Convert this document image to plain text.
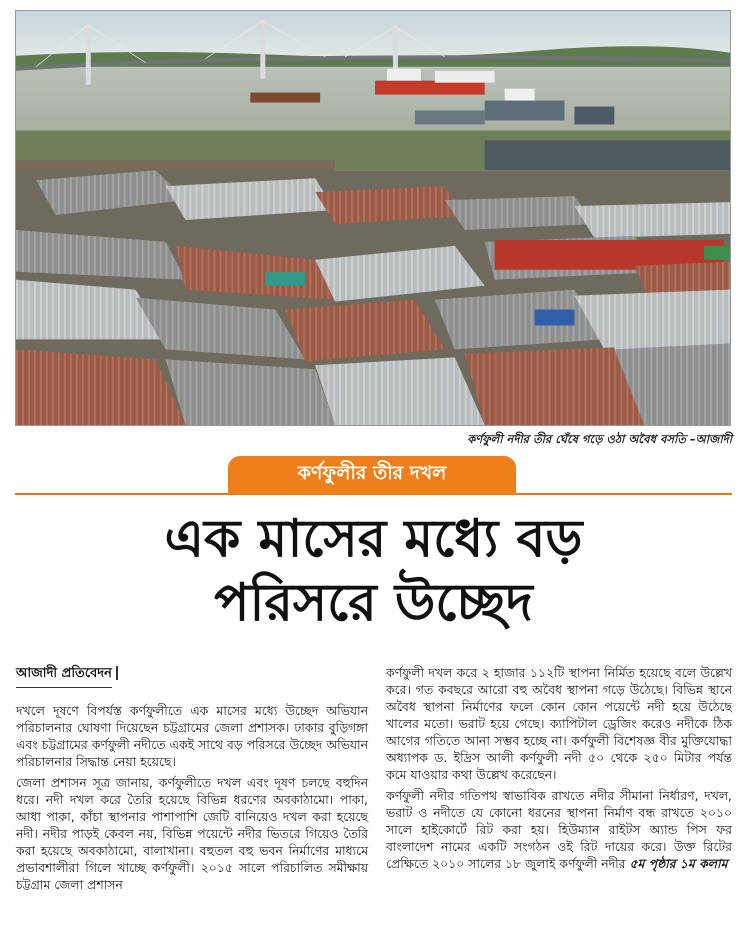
কর্ণফুলী নদীর তীর ঘেঁষে গড়ে ওঠা অবৈধ বসতি –আজাদী
কর্ণফুলীর তীর দখল
এক মাসের মধ্যে বড়
পরিসরে উচ্ছেদ
আজাদী প্রতিবেদন

দখলে দূষণে বিপর্যস্ত কর্ণফুলীতে এক মাসের মধ্যে উচ্ছেদ অভিযান পরিচালনার ঘোষণা দিয়েছেন চট্টগ্রামের জেলা প্রশাসক। ঢাকার বুড়িগঙ্গা এবং চট্টগ্রামের কর্ণফুলী নদীতে একই সাথে বড় পরিসরে উচ্ছেদ অভিযান পরিচালনার সিদ্ধান্ত নেয়া হয়েছে।

জেলা প্রশাসন সূত্র জানায়, কর্ণফুলীতে দখল এবং দূষণ চলছে বহুদিন ধরে। নদী দখল করে তৈরি হয়েছে বিভিন্ন ধরণের অবকাঠামো। পাকা, আধা পাকা, কাঁচা স্থাপনার পাশাপাশি জেটি বানিয়েও দখল করা হয়েছে নদী। নদীর পাড়ই কেবল নয়, বিভিন্ন পয়েন্টে নদীর ভিতরে গিয়েও তৈরি করা হয়েছে অবকাঠামো, বালাখানা। বহুতল বহু ভবন নির্মাণের মাধ্যমে প্রভাবশালীরা গিলে খাচ্ছে কর্ণফুলী। ২০১৫ সালে পরিচালিত সমীক্ষায় চট্টগ্রাম জেলা প্রশাসন

কর্ণফুলী দখল করে ২ হাজার ১১২টি স্থাপনা নির্মিত হয়েছে বলে উল্লেখ করে। গত কবছরে আরো বহু অবৈধ স্থাপনা গড়ে উঠেছে। বিভিন্ন স্থানে অবৈধ স্থাপনা নির্মাণের ফলে কোন কোন পয়েন্টে নদী হয়ে উঠেছে খালের মতো। ভরাট হয়ে গেছে। ক্যাপিটাল ড্রেজিং করেও নদীকে ঠিক আগের গতিতে আনা সম্ভব হচ্ছে না। কর্ণফুলী বিশেষজ্ঞ বীর মুক্তিযোদ্ধা অধ্যাপক ড. ইদ্রিস আলী কর্ণফুলী নদী ৫০ থেকে ২৫০ মিটার পর্যন্ত কমে যাওয়ার কথা উল্লেখ করেছেন।

কর্ণফুলী নদীর গতিপথ স্বাভাবিক রাখতে নদীর সীমানা নির্ধারণ, দখল, ভরাট ও নদীতে যে কোনো ধরনের স্থাপনা নির্মাণ বন্ধ রাখতে ২০১০ সালে হাইকোর্টে রিট করা হয়। হিউম্যান রাইটস অ্যান্ড পিস ফর বাংলাদেশ নামের একটি সংগঠন ওই রিট দায়ের করে। উক্ত রিটের প্রেক্ষিতে ২০১০ সালের ১৮ জুলাই কর্ণফুলী নদীর ৫ম পৃষ্ঠার ১ম কলাম
